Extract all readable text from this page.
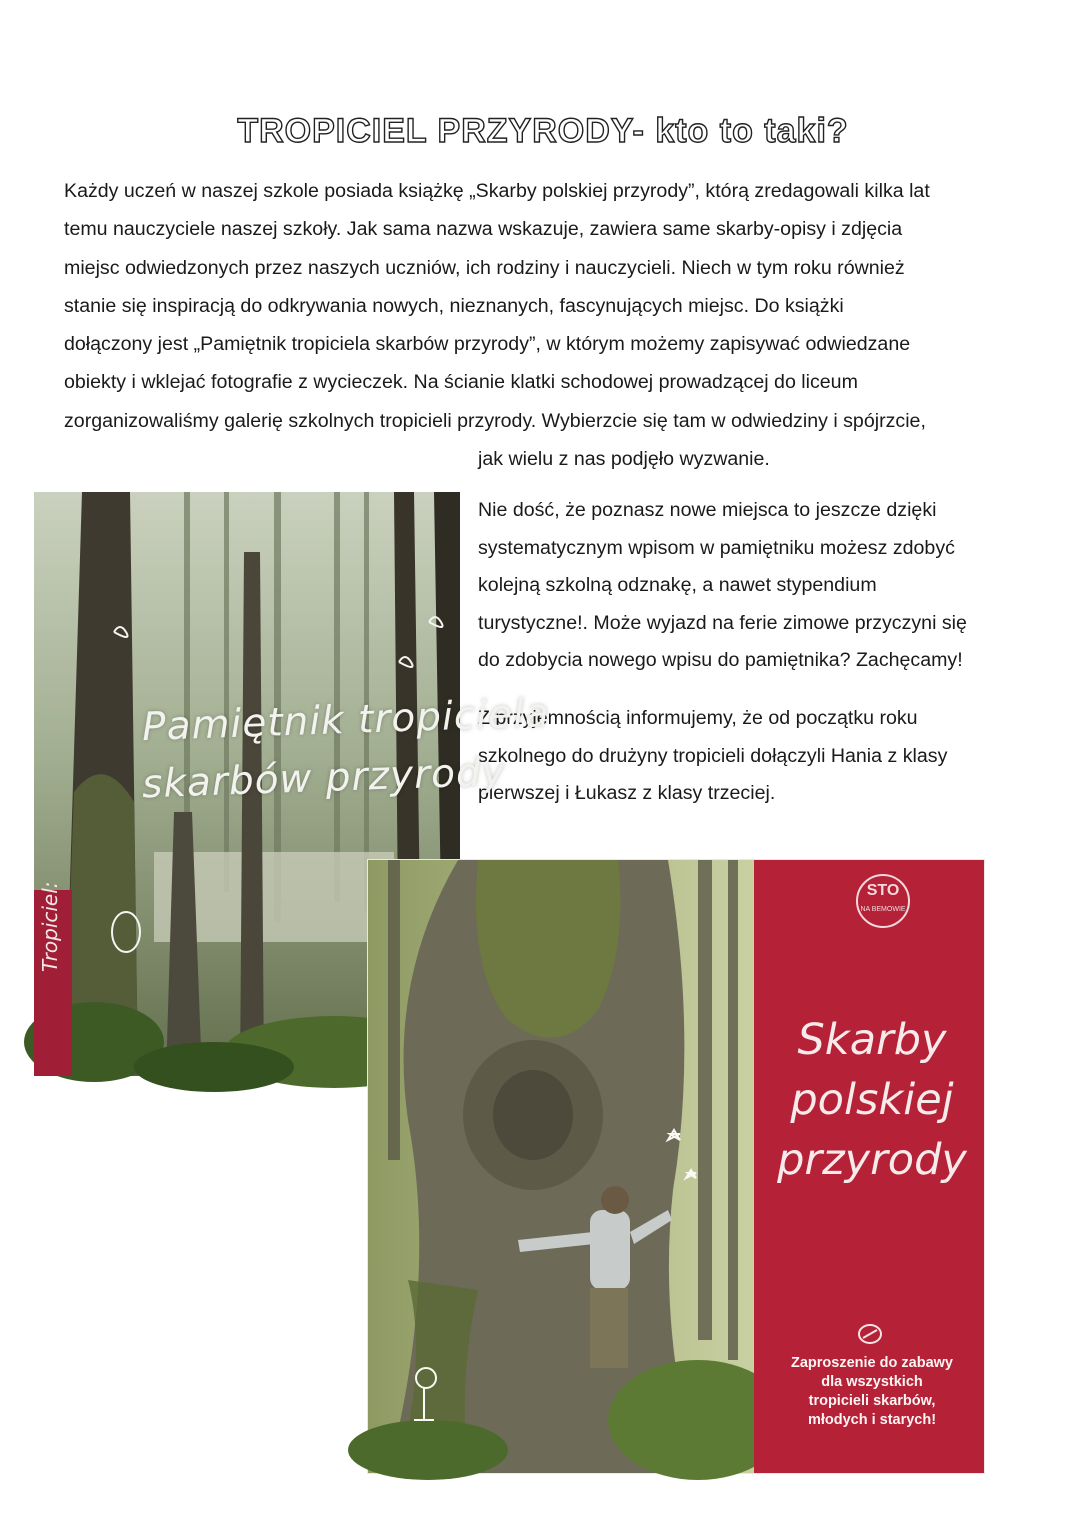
TROPICIEL PRZYRODY- kto to taki?

Każdy uczeń w naszej szkole posiada książkę „Skarby polskiej przyrody”, którą zredagowali kilka lat
temu nauczyciele naszej szkoły. Jak sama nazwa wskazuje, zawiera same skarby-opisy i zdjęcia
miejsc odwiedzonych przez naszych uczniów, ich rodziny i nauczycieli. Niech w tym roku również
stanie się inspiracją do odkrywania nowych, nieznanych, fascynujących miejsc. Do książki
dołączony jest „Pamiętnik tropiciela skarbów przyrody”, w którym możemy zapisywać odwiedzane
obiekty i wklejać fotografie z wycieczek. Na ścianie klatki schodowej prowadzącej do liceum
zorganizowaliśmy galerię szkolnych tropicieli przyrody. Wybierzcie się tam w odwiedziny i spójrzcie,
jak wielu z nas podjęło wyzwanie.

Nie dość, że poznasz nowe miejsca to jeszcze dzięki
systematycznym wpisom w pamiętniku możesz zdobyć
kolejną szkolną odznakę, a nawet stypendium
turystyczne!. Może wyjazd na ferie zimowe przyczyni się
do zdobycia nowego wpisu do pamiętnika? Zachęcamy!

Z przyjemnością informujemy, że od początku roku
szkolnego do drużyny tropicieli dołączyli Hania z klasy
pierwszej i Łukasz z klasy trzeciej.

Pamiętnik tropiciela
skarbów przyrody
Tropiciel:	STO
NA BEMOWIE
Skarby
polskiej
przyrody
Zaproszenie do zabawy
dla wszystkich
tropicieli skarbów,
młodych i starych!
